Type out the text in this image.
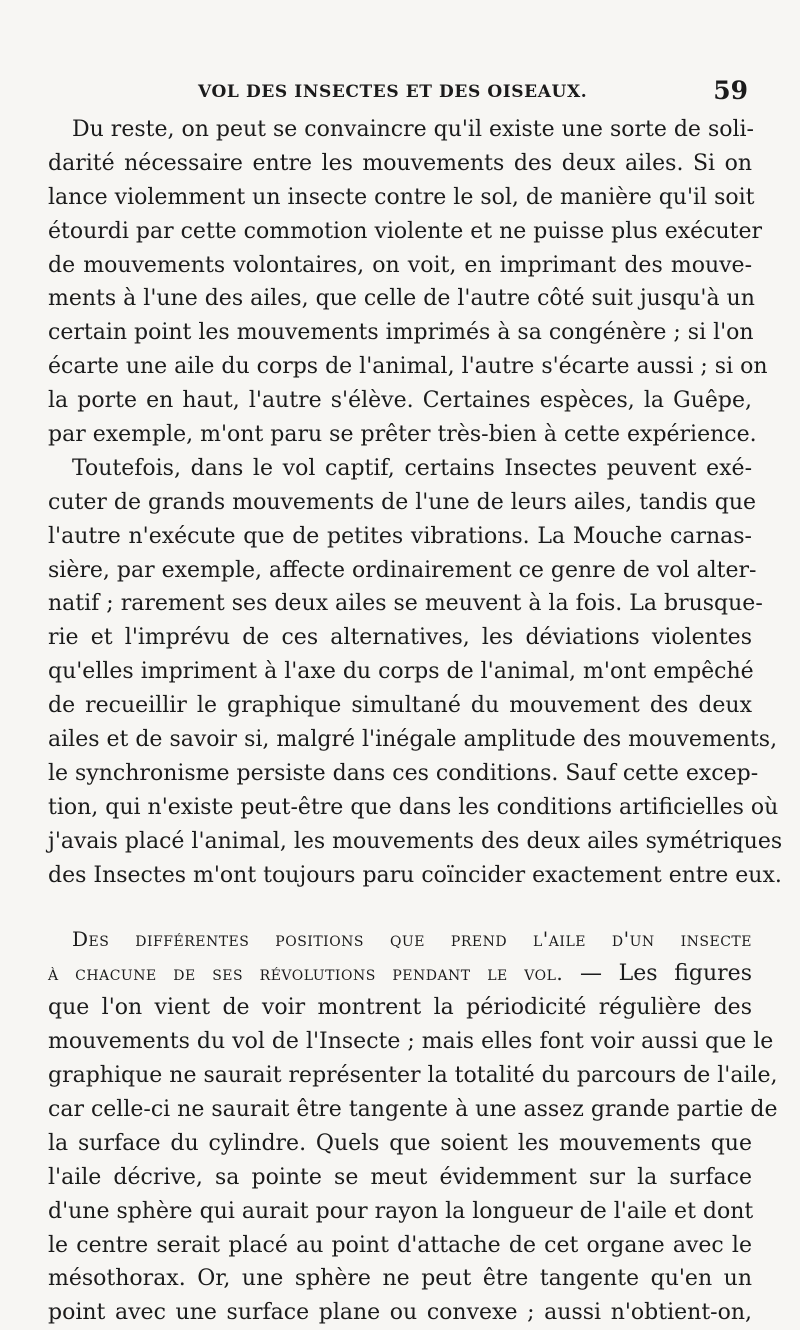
VOL DES INSECTES ET DES OISEAUX.	59
Du reste, on peut se convaincre qu'il existe une sorte de soli-
darité nécessaire entre les mouvements des deux ailes. Si on
lance violemment un insecte contre le sol, de manière qu'il soit
étourdi par cette commotion violente et ne puisse plus exécuter
de mouvements volontaires, on voit, en imprimant des mouve-
ments à l'une des ailes, que celle de l'autre côté suit jusqu'à un
certain point les mouvements imprimés à sa congénère ; si l'on
écarte une aile du corps de l'animal, l'autre s'écarte aussi ; si on
la porte en haut, l'autre s'élève. Certaines espèces, la Guêpe,
par exemple, m'ont paru se prêter très-bien à cette expérience.
Toutefois, dans le vol captif, certains Insectes peuvent exé-
cuter de grands mouvements de l'une de leurs ailes, tandis que
l'autre n'exécute que de petites vibrations. La Mouche carnas-
sière, par exemple, affecte ordinairement ce genre de vol alter-
natif ; rarement ses deux ailes se meuvent à la fois. La brusque-
rie et l'imprévu de ces alternatives, les déviations violentes
qu'elles impriment à l'axe du corps de l'animal, m'ont empêché
de recueillir le graphique simultané du mouvement des deux
ailes et de savoir si, malgré l'inégale amplitude des mouvements,
le synchronisme persiste dans ces conditions. Sauf cette excep-
tion, qui n'existe peut-être que dans les conditions artificielles où
j'avais placé l'animal, les mouvements des deux ailes symétriques
des Insectes m'ont toujours paru coïncider exactement entre eux.
Des différentes positions que prend l'aile d'un insecte
à chacune de ses révolutions pendant le vol. — Les figures
que l'on vient de voir montrent la périodicité régulière des
mouvements du vol de l'Insecte ; mais elles font voir aussi que le
graphique ne saurait représenter la totalité du parcours de l'aile,
car celle-ci ne saurait être tangente à une assez grande partie de
la surface du cylindre. Quels que soient les mouvements que
l'aile décrive, sa pointe se meut évidemment sur la surface
d'une sphère qui aurait pour rayon la longueur de l'aile et dont
le centre serait placé au point d'attache de cet organe avec le
mésothorax. Or, une sphère ne peut être tangente qu'en un
point avec une surface plane ou convexe ; aussi n'obtient-on,
